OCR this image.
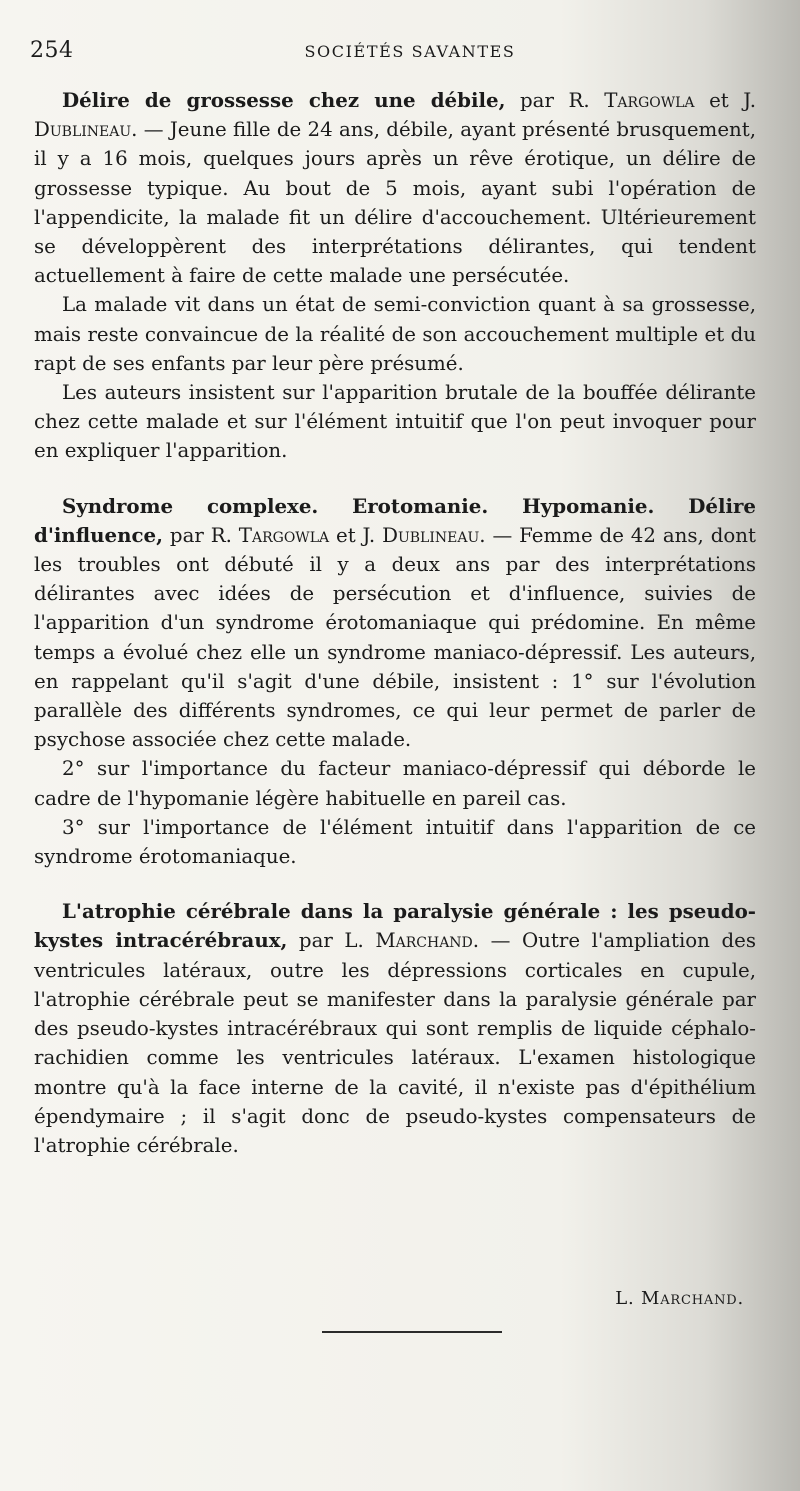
254	SOCIÉTÉS SAVANTES

Délire de grossesse chez une débile, par R. Targowla et J. Dublineau. — Jeune fille de 24 ans, débile, ayant présenté brusquement, il y a 16 mois, quelques jours après un rêve érotique, un délire de grossesse typique. Au bout de 5 mois, ayant subi l'opération de l'appendicite, la malade fit un délire d'accouchement. Ultérieurement se développèrent des interprétations délirantes, qui tendent actuellement à faire de cette malade une persécutée.

La malade vit dans un état de semi-conviction quant à sa grossesse, mais reste convaincue de la réalité de son accouchement multiple et du rapt de ses enfants par leur père présumé.

Les auteurs insistent sur l'apparition brutale de la bouffée délirante chez cette malade et sur l'élément intuitif que l'on peut invoquer pour en expliquer l'apparition.

Syndrome complexe. Erotomanie. Hypomanie. Délire d'influence, par R. Targowla et J. Dublineau. — Femme de 42 ans, dont les troubles ont débuté il y a deux ans par des interprétations délirantes avec idées de persécution et d'influence, suivies de l'apparition d'un syndrome érotomaniaque qui prédomine. En même temps a évolué chez elle un syndrome maniaco-dépressif. Les auteurs, en rappelant qu'il s'agit d'une débile, insistent : 1° sur l'évolution parallèle des différents syndromes, ce qui leur permet de parler de psychose associée chez cette malade.

2° sur l'importance du facteur maniaco-dépressif qui déborde le cadre de l'hypomanie légère habituelle en pareil cas.

3° sur l'importance de l'élément intuitif dans l'apparition de ce syndrome érotomaniaque.

L'atrophie cérébrale dans la paralysie générale : les pseudo-kystes intracérébraux, par L. Marchand. — Outre l'ampliation des ventricules latéraux, outre les dépressions corticales en cupule, l'atrophie cérébrale peut se manifester dans la paralysie générale par des pseudo-kystes intracérébraux qui sont remplis de liquide céphalo-rachidien comme les ventricules latéraux. L'examen histologique montre qu'à la face interne de la cavité, il n'existe pas d'épithélium épendymaire ; il s'agit donc de pseudo-kystes compensateurs de l'atrophie cérébrale.

L. Marchand.
